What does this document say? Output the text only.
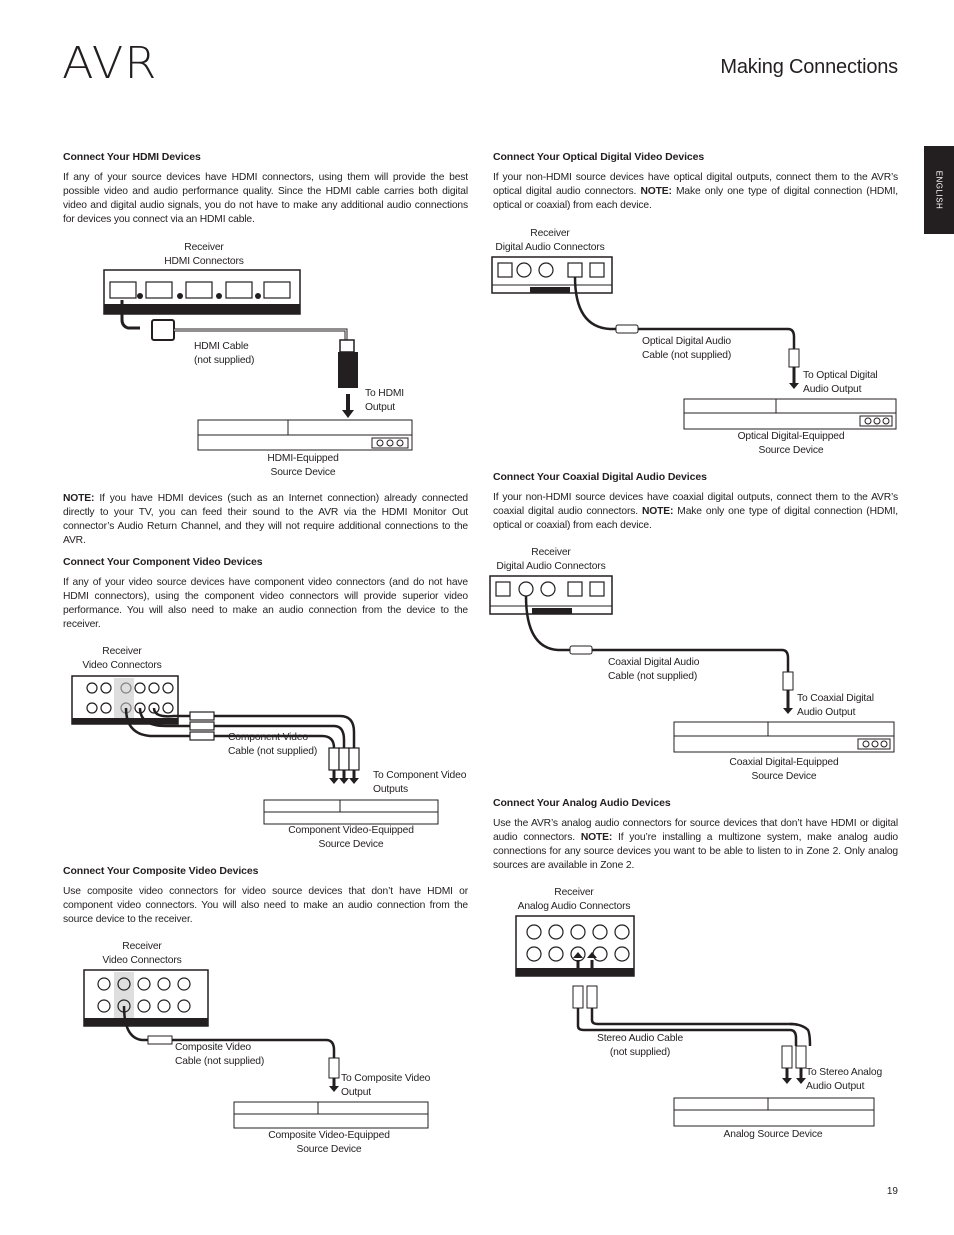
AVR	Making Connections
ENGLISH
Connect Your HDMI Devices

If any of your source devices have HDMI connectors, using them will provide the best possible video and audio performance quality. Since the HDMI cable carries both digital video and digital audio signals, you do not have to make any additional audio connections for devices you connect via an HDMI cable.

Receiver
HDMI Connectors
HDMI Cable
(not supplied)
To HDMI
Output
HDMI-Equipped
Source Device

NOTE: If you have HDMI devices (such as an Internet connection) already connected directly to your TV, you can feed their sound to the AVR via the HDMI Monitor Out connector’s Audio Return Channel, and they will not require additional connections to the AVR.

Connect Your Component Video Devices

If any of your video source devices have component video connectors (and do not have HDMI connectors), using the component video connectors will provide superior video performance. You will also need to make an audio connection from the device to the receiver.

Receiver
Video Connectors
Component Video
Cable (not supplied)
To Component Video
Outputs
Component Video-Equipped
Source Device
Connect Your Composite Video Devices

Use composite video connectors for video source devices that don’t have HDMI or component video connectors. You will also need to make an audio connection from the source device to the receiver.

Receiver
Video Connectors
Composite Video
Cable (not supplied)
To Composite Video
Output
Composite Video-Equipped
Source Device
Connect Your Optical Digital Video Devices

If your non-HDMI source devices have optical digital outputs, connect them to the AVR’s optical digital audio connectors. NOTE: Make only one type of digital connection (HDMI, optical or coaxial) from each device.

Receiver
Digital Audio Connectors
Optical Digital Audio
Cable (not supplied)
To Optical Digital
Audio Output
Optical Digital-Equipped
Source Device
Connect Your Coaxial Digital Audio Devices

If your non-HDMI source devices have coaxial digital outputs, connect them to the AVR’s coaxial digital audio connectors. NOTE: Make only one type of digital connection (HDMI, optical or coaxial) from each device.

Receiver
Digital Audio Connectors
Coaxial Digital Audio
Cable (not supplied)
To Coaxial Digital
Audio Output
Coaxial Digital-Equipped
Source Device
Connect Your Analog Audio Devices

Use the AVR’s analog audio connectors for source devices that don’t have HDMI or digital audio connectors. NOTE: If you’re installing a multizone system, make analog audio connections for any source devices you want to be able to listen to in Zone 2. Only analog sources are available in Zone 2.

Receiver
Analog Audio Connectors
Stereo Audio Cable
(not supplied)
To Stereo Analog
Audio Output
Analog Source Device
19
